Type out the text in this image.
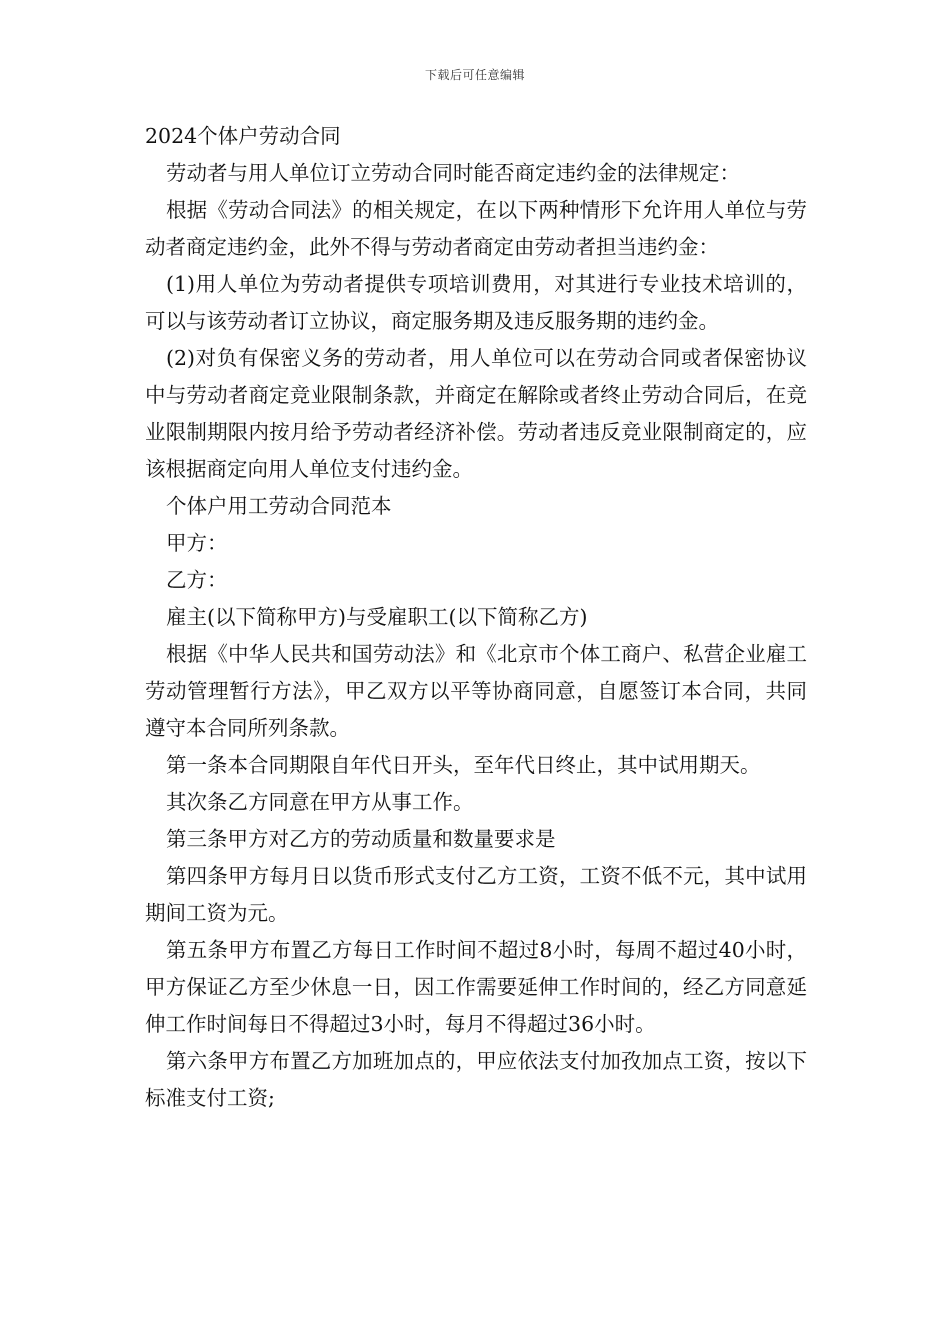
下载后可任意编辑

2024个体户劳动合同

劳动者与用人单位订立劳动合同时能否商定违约金的法律规定：

根据《劳动合同法》的相关规定，在以下两种情形下允许用人单位与劳动者商定违约金，此外不得与劳动者商定由劳动者担当违约金：

(1)用人单位为劳动者提供专项培训费用，对其进行专业技术培训的，可以与该劳动者订立协议，商定服务期及违反服务期的违约金。

(2)对负有保密义务的劳动者，用人单位可以在劳动合同或者保密协议中与劳动者商定竞业限制条款，并商定在解除或者终止劳动合同后，在竞业限制期限内按月给予劳动者经济补偿。劳动者违反竞业限制商定的，应该根据商定向用人单位支付违约金。

个体户用工劳动合同范本

甲方：

乙方：

雇主(以下简称甲方)与受雇职工(以下简称乙方)

根据《中华人民共和国劳动法》和《北京市个体工商户、私营企业雇工劳动管理暂行方法》，甲乙双方以平等协商同意，自愿签订本合同，共同遵守本合同所列条款。

第一条本合同期限自年代日开头，至年代日终止，其中试用期天。

其次条乙方同意在甲方从事工作。

第三条甲方对乙方的劳动质量和数量要求是

第四条甲方每月日以货币形式支付乙方工资，工资不低不元，其中试用期间工资为元。

第五条甲方布置乙方每日工作时间不超过8小时，每周不超过40小时，甲方保证乙方至少休息一日，因工作需要延伸工作时间的，经乙方同意延伸工作时间每日不得超过3小时，每月不得超过36小时。

第六条甲方布置乙方加班加点的，甲应依法支付加孜加点工资，按以下标准支付工资;
